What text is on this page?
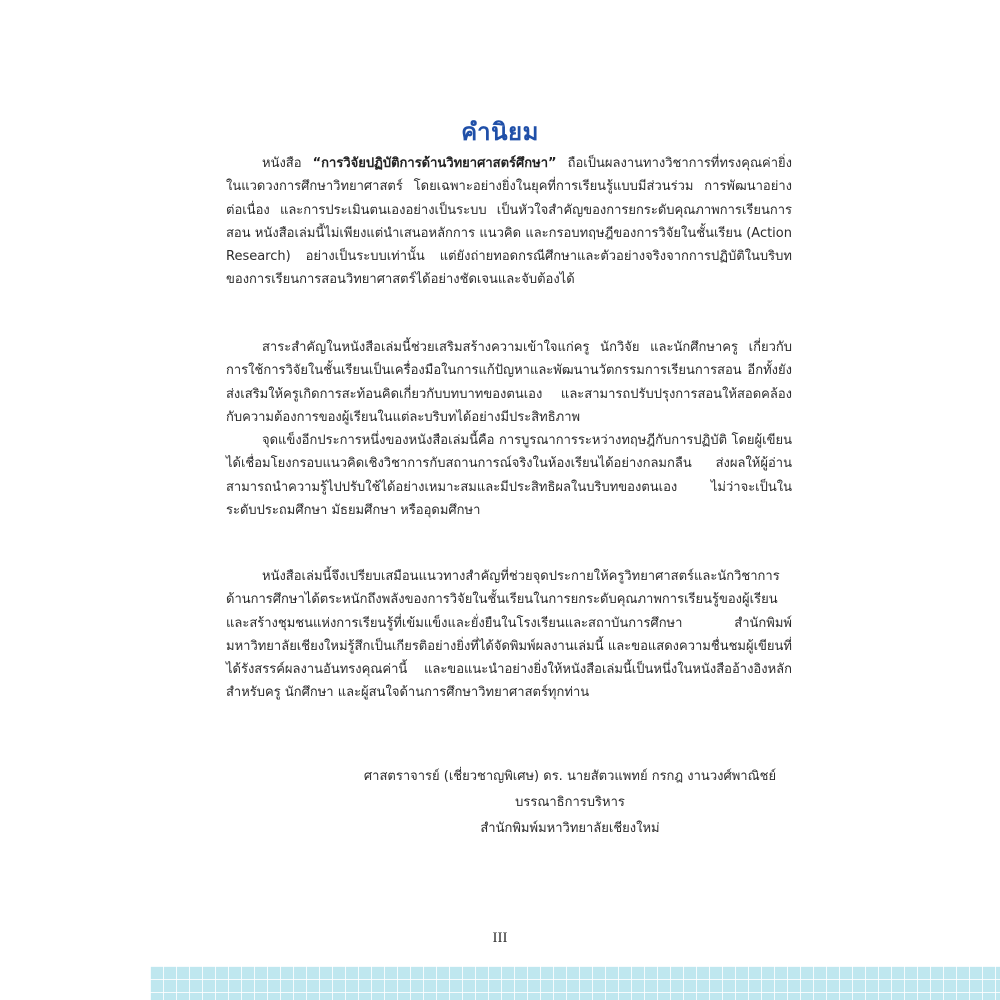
คำนิยม

หนังสือ “การวิจัยปฏิบัติการด้านวิทยาศาสตร์ศึกษา” ถือเป็นผลงานทางวิชาการที่ทรงคุณค่ายิ่งในแวดวงการศึกษาวิทยาศาสตร์ โดยเฉพาะอย่างยิ่งในยุคที่การเรียนรู้แบบมีส่วนร่วม การพัฒนาอย่างต่อเนื่อง และการประเมินตนเองอย่างเป็นระบบ เป็นหัวใจสำคัญของการยกระดับคุณภาพการเรียนการสอน หนังสือเล่มนี้ไม่เพียงแต่นำเสนอหลักการ แนวคิด และกรอบทฤษฎีของการวิจัยในชั้นเรียน (Action Research) อย่างเป็นระบบเท่านั้น แต่ยังถ่ายทอดกรณีศึกษาและตัวอย่างจริงจากการปฏิบัติในบริบทของการเรียนการสอนวิทยาศาสตร์ได้อย่างชัดเจนและจับต้องได้

สาระสำคัญในหนังสือเล่มนี้ช่วยเสริมสร้างความเข้าใจแก่ครู นักวิจัย และนักศึกษาครู เกี่ยวกับการใช้การวิจัยในชั้นเรียนเป็นเครื่องมือในการแก้ปัญหาและพัฒนานวัตกรรมการเรียนการสอน อีกทั้งยังส่งเสริมให้ครูเกิดการสะท้อนคิดเกี่ยวกับบทบาทของตนเอง และสามารถปรับปรุงการสอนให้สอดคล้องกับความต้องการของผู้เรียนในแต่ละบริบทได้อย่างมีประสิทธิภาพ

จุดแข็งอีกประการหนึ่งของหนังสือเล่มนี้คือ การบูรณาการระหว่างทฤษฎีกับการปฏิบัติ โดยผู้เขียนได้เชื่อมโยงกรอบแนวคิดเชิงวิชาการกับสถานการณ์จริงในห้องเรียนได้อย่างกลมกลืน ส่งผลให้ผู้อ่านสามารถนำความรู้ไปปรับใช้ได้อย่างเหมาะสมและมีประสิทธิผลในบริบทของตนเอง ไม่ว่าจะเป็นในระดับประถมศึกษา มัธยมศึกษา หรืออุดมศึกษา

หนังสือเล่มนี้จึงเปรียบเสมือนแนวทางสำคัญที่ช่วยจุดประกายให้ครูวิทยาศาสตร์และนักวิชาการด้านการศึกษาได้ตระหนักถึงพลังของการวิจัยในชั้นเรียนในการยกระดับคุณภาพการเรียนรู้ของผู้เรียน และสร้างชุมชนแห่งการเรียนรู้ที่เข้มแข็งและยั่งยืนในโรงเรียนและสถาบันการศึกษา สำนักพิมพ์มหาวิทยาลัยเชียงใหม่รู้สึกเป็นเกียรติอย่างยิ่งที่ได้จัดพิมพ์ผลงานเล่มนี้ และขอแสดงความชื่นชมผู้เขียนที่ได้รังสรรค์ผลงานอันทรงคุณค่านี้ และขอแนะนำอย่างยิ่งให้หนังสือเล่มนี้เป็นหนึ่งในหนังสืออ้างอิงหลักสำหรับครู นักศึกษา และผู้สนใจด้านการศึกษาวิทยาศาสตร์ทุกท่าน

ศาสตราจารย์ (เชี่ยวชาญพิเศษ) ดร. นายสัตวแพทย์ กรกฎ งานวงศ์พาณิชย์
บรรณาธิการบริหาร
สำนักพิมพ์มหาวิทยาลัยเชียงใหม่
III
